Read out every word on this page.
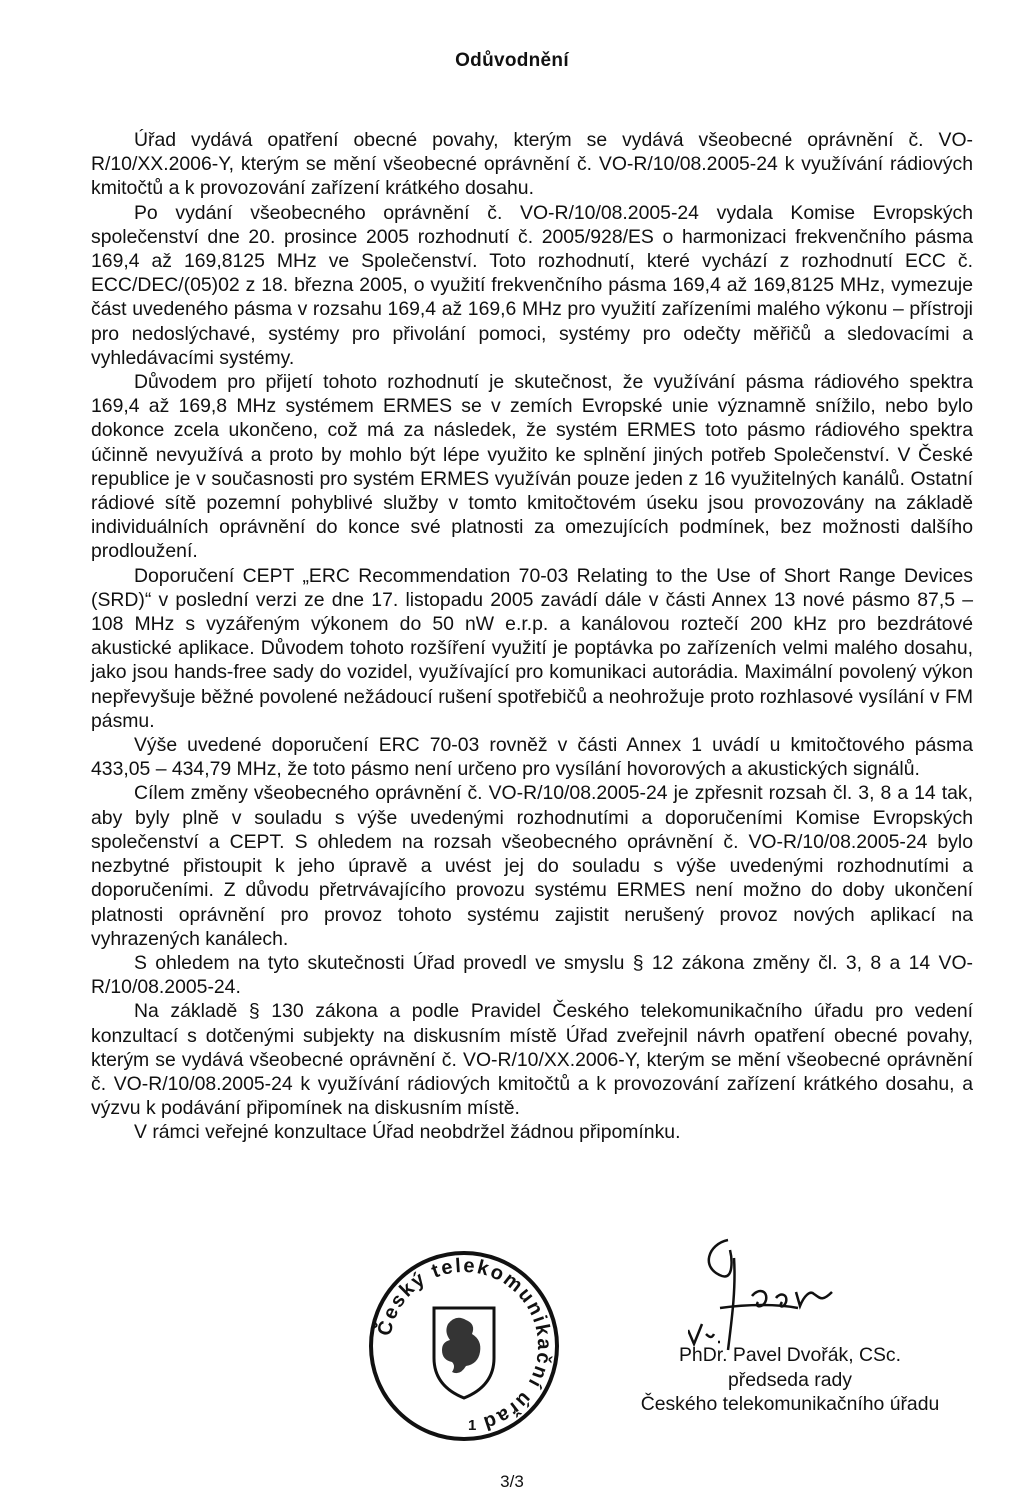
Odůvodnění

Úřad vydává opatření obecné povahy, kterým se vydává všeobecné oprávnění č. VO-R/10/XX.2006-Y, kterým se mění všeobecné oprávnění č. VO-R/10/08.2005-24 k využívání rádiových kmitočtů a k provozování zařízení krátkého dosahu.

Po vydání všeobecného oprávnění č. VO-R/10/08.2005-24 vydala Komise Evropských společenství dne 20. prosince 2005 rozhodnutí č. 2005/928/ES o harmonizaci frekvenčního pásma 169,4 až 169,8125 MHz ve Společenství. Toto rozhodnutí, které vychází z rozhodnutí ECC č. ECC/DEC/(05)02 z 18. března 2005, o využití frekvenčního pásma 169,4 až 169,8125 MHz, vymezuje část uvedeného pásma v rozsahu 169,4 až 169,6 MHz pro využití zařízeními malého výkonu – přístroji pro nedoslýchavé, systémy pro přivolání pomoci, systémy pro odečty měřičů a sledovacími a vyhledávacími systémy.

Důvodem pro přijetí tohoto rozhodnutí je skutečnost, že využívání pásma rádiového spektra 169,4 až 169,8 MHz systémem ERMES se v zemích Evropské unie významně snížilo, nebo bylo dokonce zcela ukončeno, což má za následek, že systém ERMES toto pásmo rádiového spektra účinně nevyužívá a proto by mohlo být lépe využito ke splnění jiných potřeb Společenství. V České republice je v současnosti pro systém ERMES využíván pouze jeden z 16 využitelných kanálů. Ostatní rádiové sítě pozemní pohyblivé služby v tomto kmitočtovém úseku jsou provozovány na základě individuálních oprávnění do konce své platnosti za omezujících podmínek, bez možnosti dalšího prodloužení.

Doporučení CEPT „ERC Recommendation 70-03 Relating to the Use of Short Range Devices (SRD)“ v poslední verzi ze dne 17. listopadu 2005 zavádí dále v části Annex 13 nové pásmo 87,5 – 108 MHz s vyzářeným výkonem do 50 nW e.r.p. a kanálovou roztečí 200 kHz pro bezdrátové akustické aplikace. Důvodem tohoto rozšíření využití je poptávka po zařízeních velmi malého dosahu, jako jsou hands-free sady do vozidel, využívající pro komunikaci autorádia. Maximální povolený výkon nepřevyšuje běžné povolené nežádoucí rušení spotřebičů a neohrožuje proto rozhlasové vysílání v FM pásmu.

Výše uvedené doporučení ERC 70-03 rovněž v části Annex 1 uvádí u kmitočtového pásma 433,05 – 434,79 MHz, že toto pásmo není určeno pro vysílání hovorových a akustických signálů.

Cílem změny všeobecného oprávnění č. VO-R/10/08.2005-24 je zpřesnit rozsah čl. 3, 8 a 14 tak, aby byly plně v souladu s výše uvedenými rozhodnutími a doporučeními Komise Evropských společenství a CEPT. S ohledem na rozsah všeobecného oprávnění č. VO-R/10/08.2005-24 bylo nezbytné přistoupit k jeho úpravě a uvést jej do souladu s výše uvedenými rozhodnutími a doporučeními. Z důvodu přetrvávajícího provozu systému ERMES není možno do doby ukončení platnosti oprávnění pro provoz tohoto systému zajistit nerušený provoz nových aplikací na vyhrazených kanálech.

S ohledem na tyto skutečnosti Úřad provedl ve smyslu § 12 zákona změny čl. 3, 8 a 14 VO-R/10/08.2005-24.

Na základě § 130 zákona a podle Pravidel Českého telekomunikačního úřadu pro vedení konzultací s dotčenými subjekty na diskusním místě Úřad zveřejnil návrh opatření obecné povahy, kterým se vydává všeobecné oprávnění č. VO-R/10/XX.2006-Y, kterým se mění všeobecné oprávnění č. VO-R/10/08.2005-24 k využívání rádiových kmitočtů a k provozování zařízení krátkého dosahu, a výzvu k podávání připomínek na diskusním místě.

V rámci veřejné konzultace Úřad neobdržel žádnou připomínku.

Český telekomunikační úřad
1
PhDr. Pavel Dvořák, CSc.
předseda rady
Českého telekomunikačního úřadu
3/3
